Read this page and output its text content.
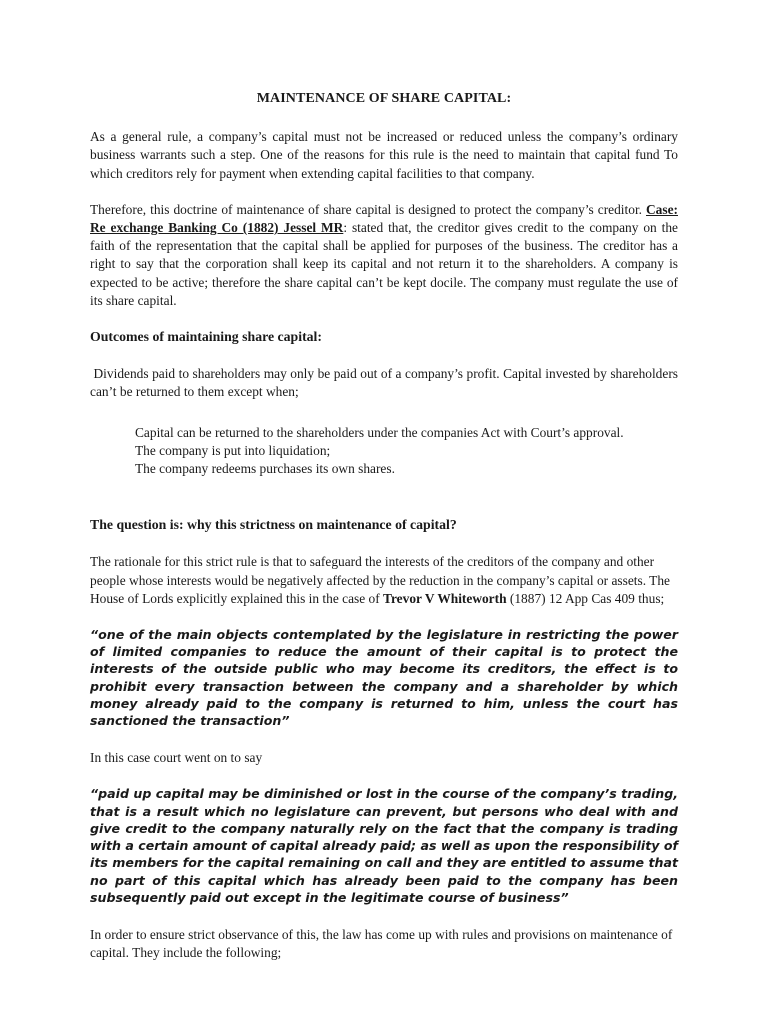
MAINTENANCE OF SHARE CAPITAL:

As a general rule, a company’s capital must not be increased or reduced unless the company’s ordinary business warrants such a step. One of the reasons for this rule is the need to maintain that capital fund To which creditors rely for payment when extending capital facilities to that company.

Therefore, this doctrine of maintenance of share capital is designed to protect the company’s creditor. Case: Re exchange Banking Co (1882) Jessel MR: stated that, the creditor gives credit to the company on the faith of the representation that the capital shall be applied for purposes of the business. The creditor has a right to say that the corporation shall keep its capital and not return it to the shareholders. A company is expected to be active; therefore the share capital can’t be kept docile. The company must regulate the use of its share capital.

Outcomes of maintaining share capital:

Dividends paid to shareholders may only be paid out of a company’s profit. Capital invested by shareholders can’t be returned to them except when;

Capital can be returned to the shareholders under the companies Act with Court’s approval.
The company is put into liquidation;
The company redeems purchases its own shares.

The question is: why this strictness on maintenance of capital?

The rationale for this strict rule is that to safeguard the interests of the creditors of the company and other people whose interests would be negatively affected by the reduction in the company’s capital or assets. The House of Lords explicitly explained this in the case of Trevor V Whiteworth (1887) 12 App Cas 409 thus;

“one of the main objects contemplated by the legislature in restricting the power of limited companies to reduce the amount of their capital is to protect the interests of the outside public who may become its creditors, the effect is to prohibit every transaction between the company and a shareholder by which money already paid to the company is returned to him, unless the court has sanctioned the transaction”

In this case court went on to say

“paid up capital may be diminished or lost in the course of the company’s trading, that is a result which no legislature can prevent, but persons who deal with and give credit to the company naturally rely on the fact that the company is trading with a certain amount of capital already paid; as well as upon the responsibility of its members for the capital remaining on call and they are entitled to assume that no part of this capital which has already been paid to the company has been subsequently paid out except in the legitimate course of business”

In order to ensure strict observance of this, the law has come up with rules and provisions on maintenance of capital. They include the following;
